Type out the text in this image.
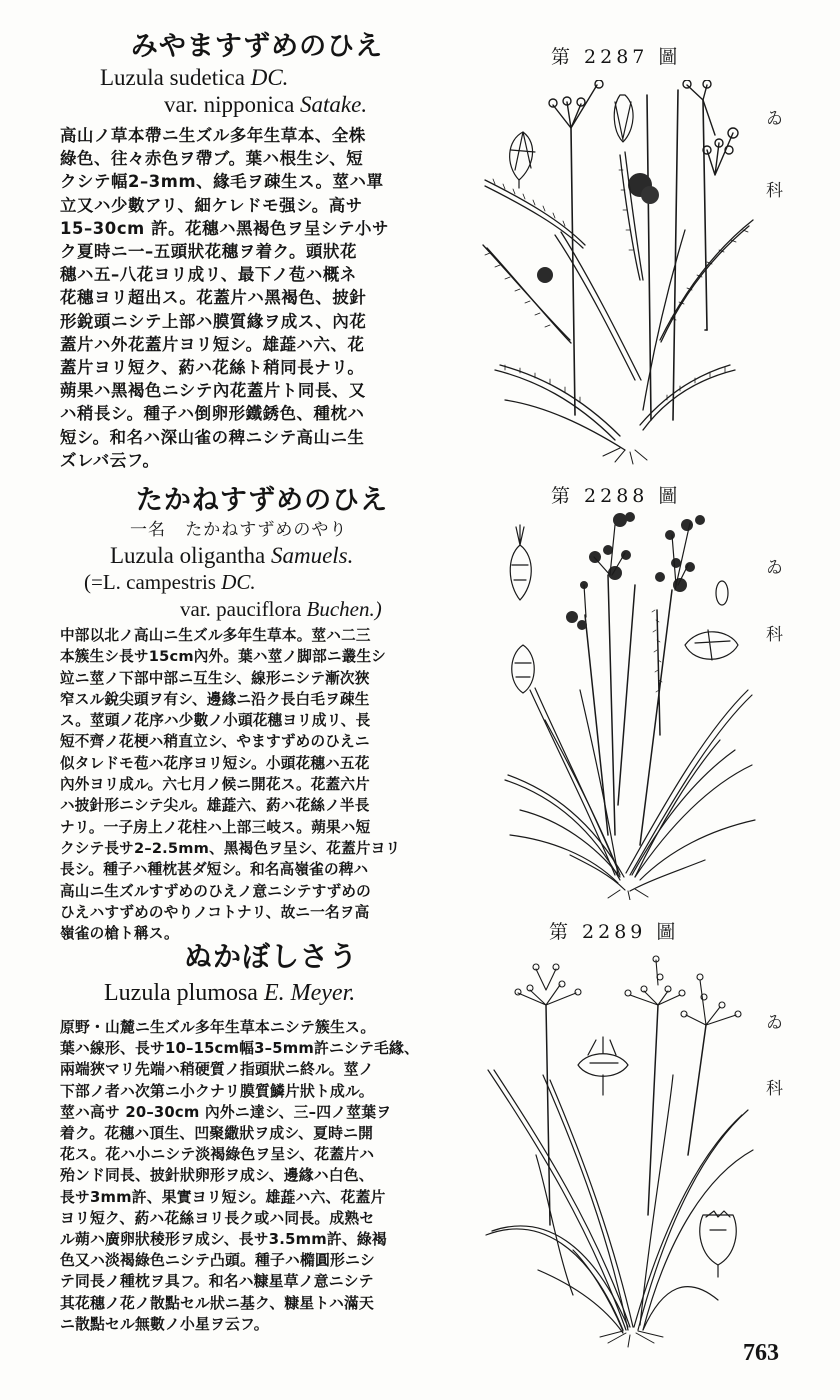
みやますずめのひえ
Luzula sudetica DC.
var. nipponica Satake.
高山ノ草本帶ニ生ズル多年生草本、全株
綠色、往々赤色ヲ帶ブ。葉ハ根生シ、短
クシテ幅2–3mm、緣毛ヲ疎生ス。莖ハ單
立又ハ少數アリ、細ケレドモ强シ。高サ
15–30cm 許。花穗ハ黑褐色ヲ呈シテ小サ
ク夏時ニ一–五頭狀花穗ヲ着ク。頭狀花
穗ハ五–八花ヨリ成リ、最下ノ苞ハ概ネ
花穗ヨリ超出ス。花蓋片ハ黑褐色、披針
形銳頭ニシテ上部ハ膜質緣ヲ成ス、內花
蓋片ハ外花蓋片ヨリ短シ。雄蕋ハ六、花
蓋片ヨリ短ク、葯ハ花絲ト稍同長ナリ。
蒴果ハ黑褐色ニシテ內花蓋片ト同長、又
ハ稍長シ。種子ハ倒卵形鐵銹色、種枕ハ
短シ。和名ハ深山雀の稗ニシテ高山ニ生
ズレバ云フ。
たかねすずめのひえ
一名 たかねすずめのやり
Luzula oligantha Samuels.
(=L. campestris DC.
var. pauciflora Buchen.)
中部以北ノ高山ニ生ズル多年生草本。莖ハ二三
本簇生シ長サ15cm內外。葉ハ莖ノ脚部ニ叢生シ
竝ニ莖ノ下部中部ニ互生シ、線形ニシテ漸次狹
窄スル銳尖頭ヲ有シ、邊緣ニ沿ク長白毛ヲ疎生
ス。莖頭ノ花序ハ少數ノ小頭花穗ヨリ成リ、長
短不齊ノ花梗ハ稍直立シ、やますずめのひえニ
似タレドモ苞ハ花序ヨリ短シ。小頭花穗ハ五花
內外ヨリ成ル。六七月ノ候ニ開花ス。花蓋六片
ハ披針形ニシテ尖ル。雄蕋六、葯ハ花絲ノ半長
ナリ。一子房上ノ花柱ハ上部三岐ス。蒴果ハ短
クシテ長サ2–2.5mm、黑褐色ヲ呈シ、花蓋片ヨリ
長シ。種子ハ種枕甚ダ短シ。和名高嶺雀の稗ハ
高山ニ生ズルすずめのひえノ意ニシテすずめの
ひえハすずめのやりノコトナリ、故ニ一名ヲ高
嶺雀の槍ト稱ス。
ぬかぼしさう
Luzula plumosa E. Meyer.
原野・山麓ニ生ズル多年生草本ニシテ簇生ス。
葉ハ線形、長サ10–15cm幅3–5mm許ニシテ毛緣、
兩端狹マリ先端ハ稍硬質ノ指頭狀ニ終ル。莖ノ
下部ノ者ハ次第ニ小クナリ膜質鱗片狀ト成ル。
莖ハ高サ 20–30cm 內外ニ達シ、三–四ノ莖葉ヲ
着ク。花穗ハ頂生、凹聚繖狀ヲ成シ、夏時ニ開
花ス。花ハ小ニシテ淡褐綠色ヲ呈シ、花蓋片ハ
殆ンド同長、披針狀卵形ヲ成シ、邊緣ハ白色、
長サ3mm許、果實ヨリ短シ。雄蕋ハ六、花蓋片
ヨリ短ク、葯ハ花絲ヨリ長ク或ハ同長。成熟セ
ル蒴ハ廣卵狀稜形ヲ成シ、長サ3.5mm許、綠褐
色又ハ淡褐綠色ニシテ凸頭。種子ハ橢圓形ニシ
テ同長ノ種枕ヲ具フ。和名ハ糠星草ノ意ニシテ
其花穗ノ花ノ散點セル狀ニ基ク、糠星トハ滿天
ニ散點セル無數ノ小星ヲ云フ。
第 2287 圖
第 2288 圖
第 2289 圖
ゐ
科
ゐ
科
ゐ
科
763
